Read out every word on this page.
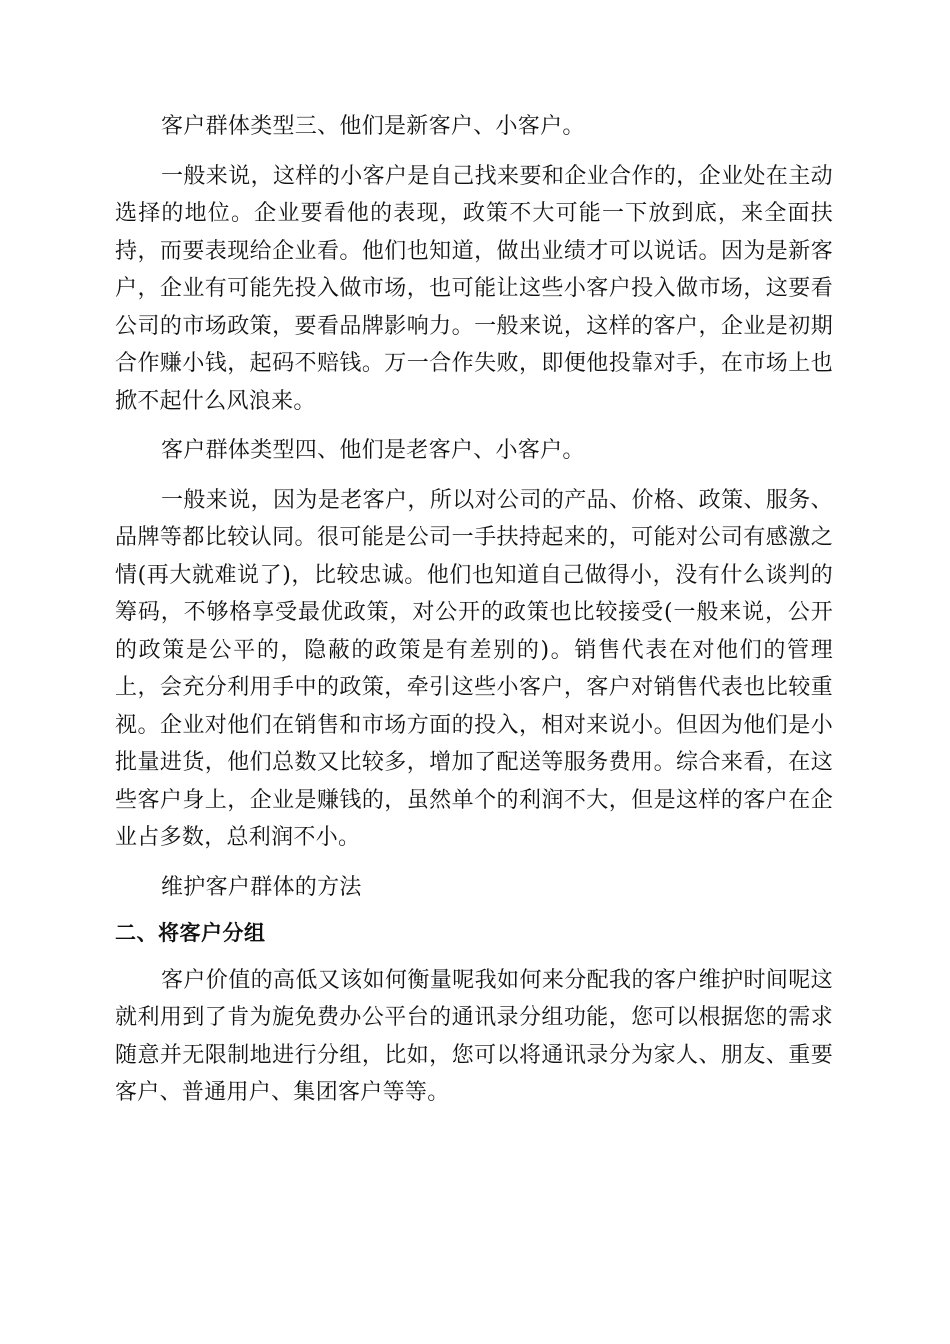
客户群体类型三、他们是新客户、小客户。

一般来说，这样的小客户是自己找来要和企业合作的，企业处在主动选择的地位。企业要看他的表现，政策不大可能一下放到底，来全面扶持，而要表现给企业看。他们也知道，做出业绩才可以说话。因为是新客户，企业有可能先投入做市场，也可能让这些小客户投入做市场，这要看公司的市场政策，要看品牌影响力。一般来说，这样的客户，企业是初期合作赚小钱，起码不赔钱。万一合作失败，即便他投靠对手，在市场上也掀不起什么风浪来。

客户群体类型四、他们是老客户、小客户。

一般来说，因为是老客户，所以对公司的产品、价格、政策、服务、品牌等都比较认同。很可能是公司一手扶持起来的，可能对公司有感激之情(再大就难说了)，比较忠诚。他们也知道自己做得小，没有什么谈判的筹码，不够格享受最优政策，对公开的政策也比较接受(一般来说，公开的政策是公平的，隐蔽的政策是有差别的)。销售代表在对他们的管理上，会充分利用手中的政策，牵引这些小客户，客户对销售代表也比较重视。企业对他们在销售和市场方面的投入，相对来说小。但因为他们是小批量进货，他们总数又比较多，增加了配送等服务费用。综合来看，在这些客户身上，企业是赚钱的，虽然单个的利润不大，但是这样的客户在企业占多数，总利润不小。

维护客户群体的方法

二、将客户分组

客户价值的高低又该如何衡量呢我如何来分配我的客户维护时间呢这就利用到了肯为旎免费办公平台的通讯录分组功能，您可以根据您的需求随意并无限制地进行分组，比如，您可以将通讯录分为家人、朋友、重要客户、普通用户、集团客户等等。
